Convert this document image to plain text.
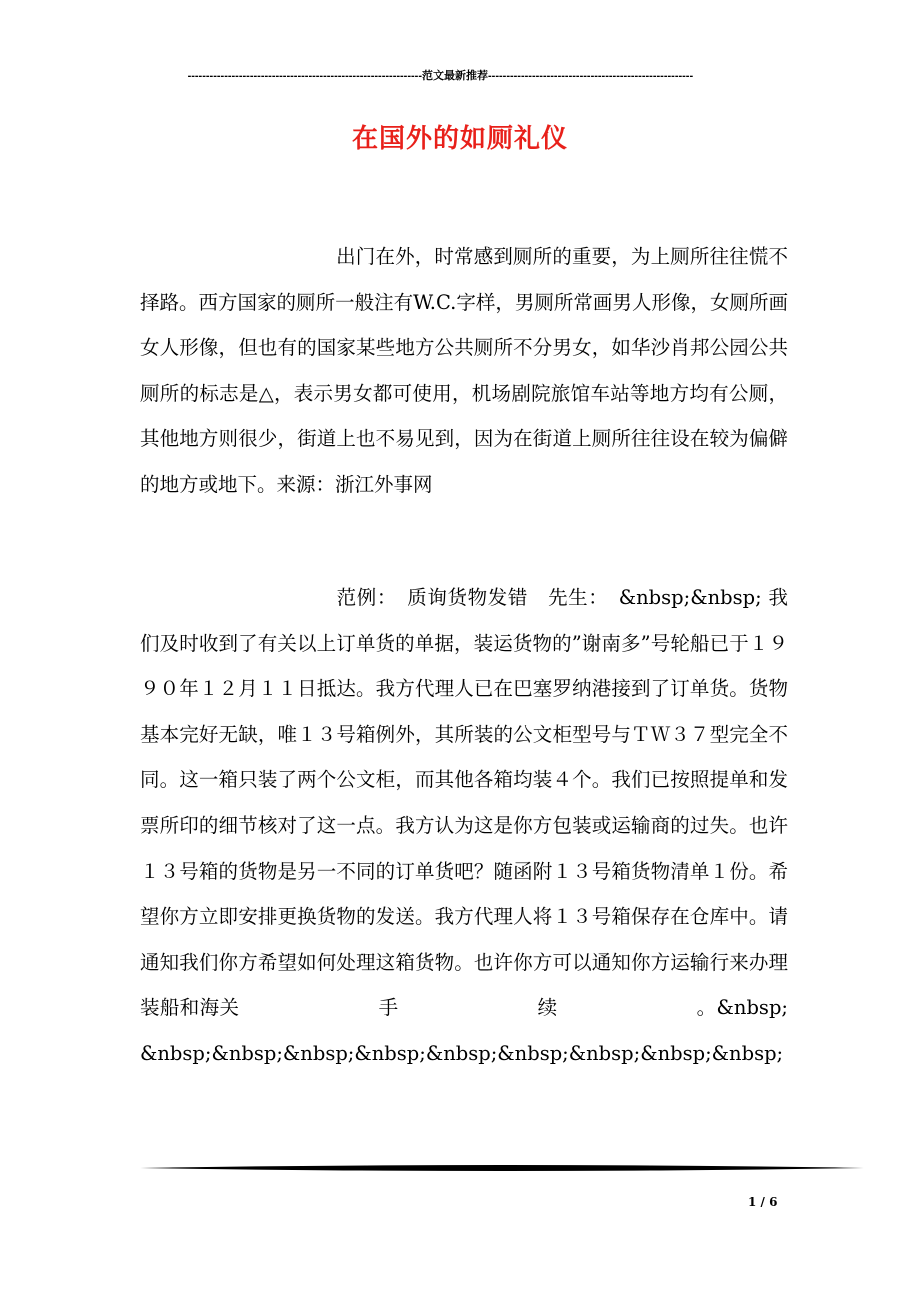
---------------------------------------------------------------- 范文最新推荐 --------------------------------------------------------
在国外的如厕礼仪
出门在外，时常感到厕所的重要，为上厕所往往慌不择路。西方国家的厕所一般注有W.C.字样，男厕所常画男人形像，女厕所画女人形像，但也有的国家某些地方公共厕所不分男女，如华沙肖邦公园公共厕所的标志是△，表示男女都可使用，机场剧院旅馆车站等地方均有公厕，其他地方则很少，街道上也不易见到，因为在街道上厕所往往设在较为偏僻的地方或地下。来源：浙江外事网
范例：　质询货物发错　先生：　&nbsp;&nbsp; 我们及时收到了有关以上订单货的单据，装运货物的”谢南多”号轮船已于１９９０年１２月１１日抵达。我方代理人已在巴塞罗纳港接到了订单货。货物基本完好无缺，唯１３号箱例外，其所装的公文柜型号与ＴＷ３７型完全不同。这一箱只装了两个公文柜，而其他各箱均装４个。我们已按照提单和发票所印的细节核对了这一点。我方认为这是你方包装或运输商的过失。也许１３号箱的货物是另一不同的订单货吧？随函附１３号箱货物清单１份。希望你方立即安排更换货物的发送。我方代理人将１３号箱保存在仓库中。请通知我们你方希望如何处理这箱货物。也许你方可以通知你方运输行来办理装船和海关　　　　　　　手　　　　　　　续　　　　　　　。&nbsp;&nbsp;&nbsp;&nbsp;&nbsp;&nbsp;&nbsp;&nbsp;&nbsp;&nbsp;
1 / 6
